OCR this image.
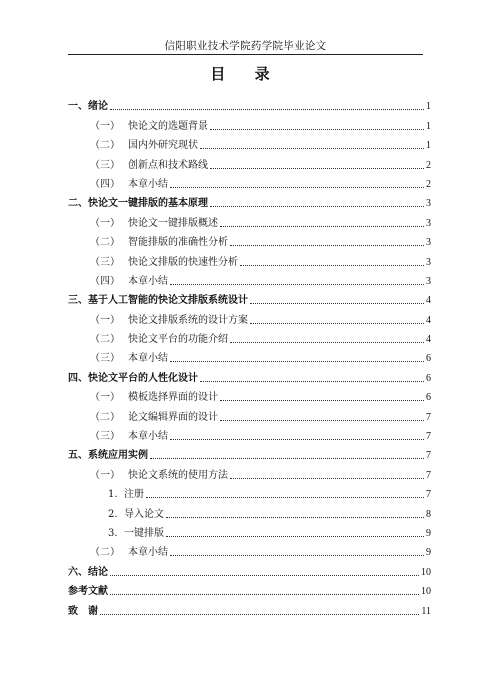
信阳职业技术学院药学院毕业论文
目 录
一、绪论	1
（一） 快论文的选题背景	1
（二） 国内外研究现状	1
（三） 创新点和技术路线	2
（四） 本章小结	2
二、快论文一键排版的基本原理	3
（一） 快论文一键排版概述	3
（二） 智能排版的准确性分析	3
（三） 快论文排版的快速性分析	3
（四） 本章小结	3
三、基于人工智能的快论文排版系统设计	4
（一） 快论文排版系统的设计方案	4
（二） 快论文平台的功能介绍	4
（三） 本章小结	6
四、快论文平台的人性化设计	6
（一） 模板选择界面的设计	6
（二） 论文编辑界面的设计	7
（三） 本章小结	7
五、系统应用实例	7
（一） 快论文系统的使用方法	7
1. 注册	7
2. 导入论文	8
3. 一键排版	9
（二） 本章小结	9
六、结论	10
参考文献	10
致　谢	11
